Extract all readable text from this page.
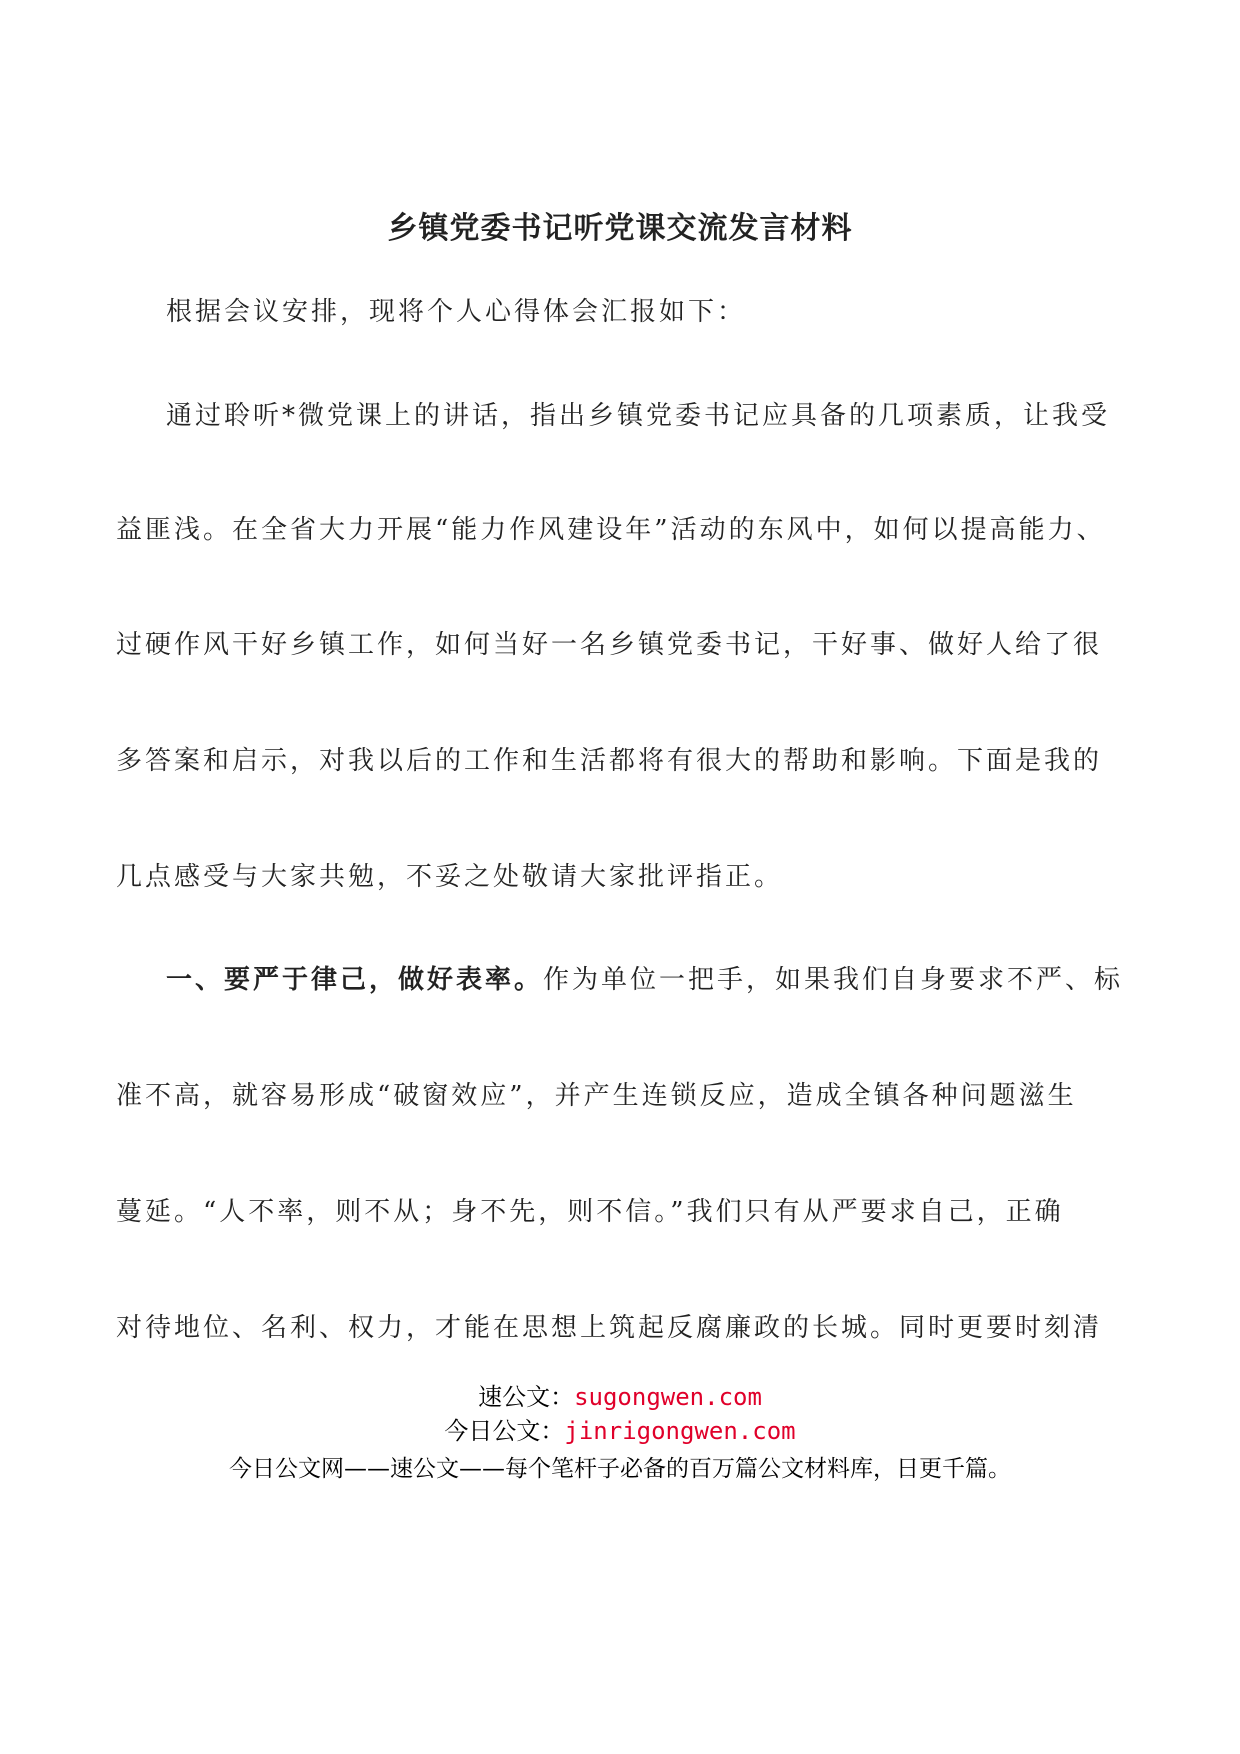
乡镇党委书记听党课交流发言材料
根据会议安排，现将个人心得体会汇报如下：
通过聆听*微党课上的讲话，指出乡镇党委书记应具备的几项素质，让我受
益匪浅。在全省大力开展“能力作风建设年”活动的东风中，如何以提高能力、
过硬作风干好乡镇工作，如何当好一名乡镇党委书记，干好事、做好人给了很
多答案和启示，对我以后的工作和生活都将有很大的帮助和影响。下面是我的
几点感受与大家共勉，不妥之处敬请大家批评指正。
一、要严于律己，做好表率。作为单位一把手，如果我们自身要求不严、标
准不高，就容易形成“破窗效应”，并产生连锁反应，造成全镇各种问题滋生
蔓延。“人不率，则不从；身不先，则不信。”我们只有从严要求自己，正确
对待地位、名利、权力，才能在思想上筑起反腐廉政的长城。同时更要时刻清
速公文：sugongwen.com
今日公文：jinrigongwen.com
今日公文网——速公文——每个笔杆子必备的百万篇公文材料库，日更千篇。
